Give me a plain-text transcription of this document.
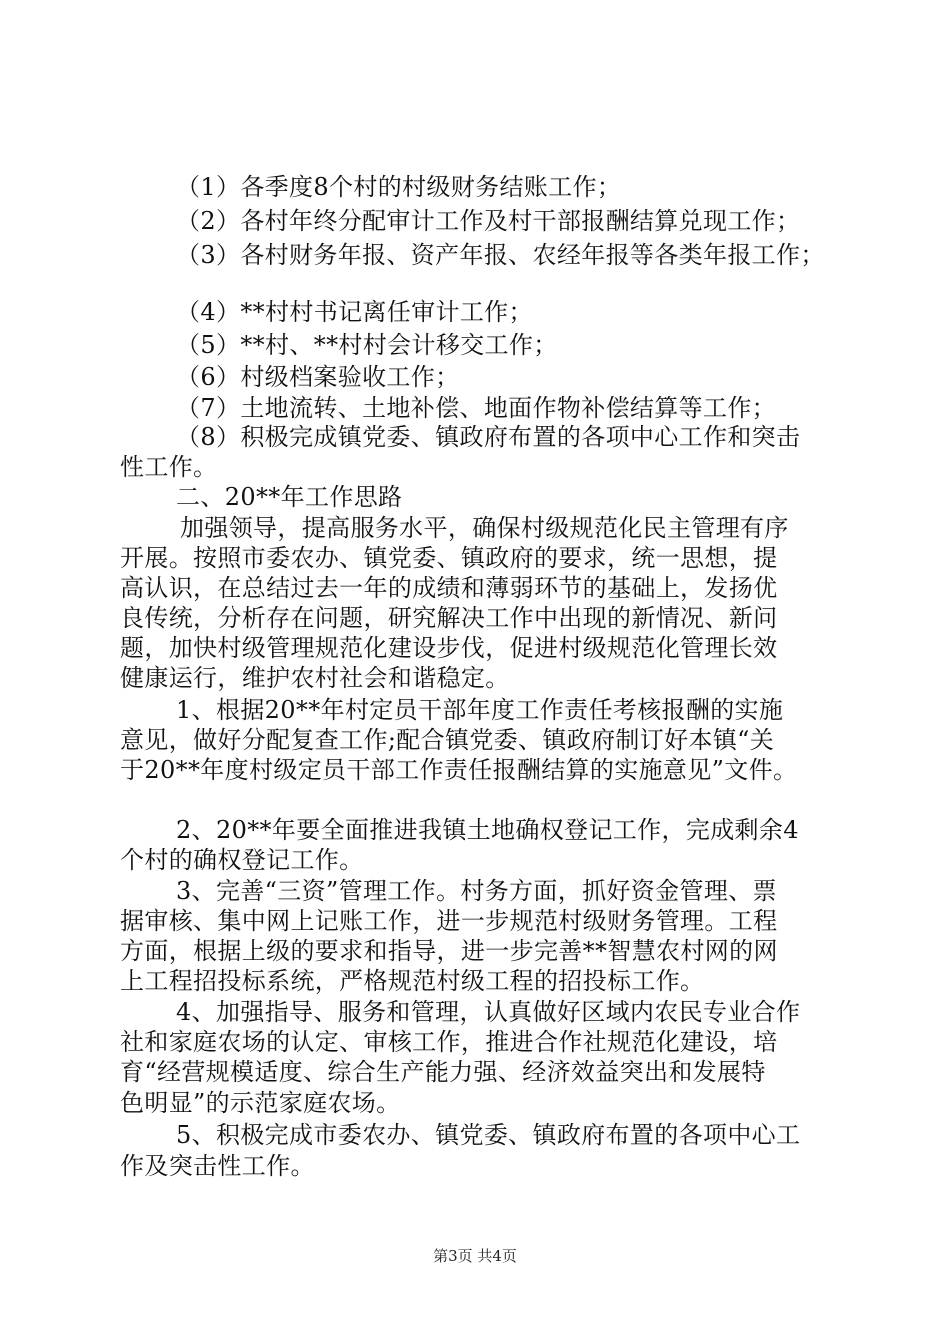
（1）各季度8个村的村级财务结账工作；
（2）各村年终分配审计工作及村干部报酬结算兑现工作；
（3）各村财务年报、资产年报、农经年报等各类年报工作；
（4）**村村书记离任审计工作；
（5）**村、**村村会计移交工作；
（6）村级档案验收工作；
（7）土地流转、土地补偿、地面作物补偿结算等工作；
（8）积极完成镇党委、镇政府布置的各项中心工作和突击
性工作。
二、20**年工作思路
加强领导，提高服务水平，确保村级规范化民主管理有序
开展。按照市委农办、镇党委、镇政府的要求，统一思想，提
高认识，在总结过去一年的成绩和薄弱环节的基础上，发扬优
良传统，分析存在问题，研究解决工作中出现的新情况、新问
题，加快村级管理规范化建设步伐，促进村级规范化管理长效
健康运行，维护农村社会和谐稳定。
1、根据20**年村定员干部年度工作责任考核报酬的实施
意见，做好分配复查工作;配合镇党委、镇政府制订好本镇“关
于20**年度村级定员干部工作责任报酬结算的实施意见”文件。
2、20**年要全面推进我镇土地确权登记工作，完成剩余4
个村的确权登记工作。
3、完善“三资”管理工作。村务方面，抓好资金管理、票
据审核、集中网上记账工作，进一步规范村级财务管理。工程
方面，根据上级的要求和指导，进一步完善**智慧农村网的网
上工程招投标系统，严格规范村级工程的招投标工作。
4、加强指导、服务和管理，认真做好区域内农民专业合作
社和家庭农场的认定、审核工作，推进合作社规范化建设，培
育“经营规模适度、综合生产能力强、经济效益突出和发展特
色明显”的示范家庭农场。
5、积极完成市委农办、镇党委、镇政府布置的各项中心工
作及突击性工作。
第3页 共4页
